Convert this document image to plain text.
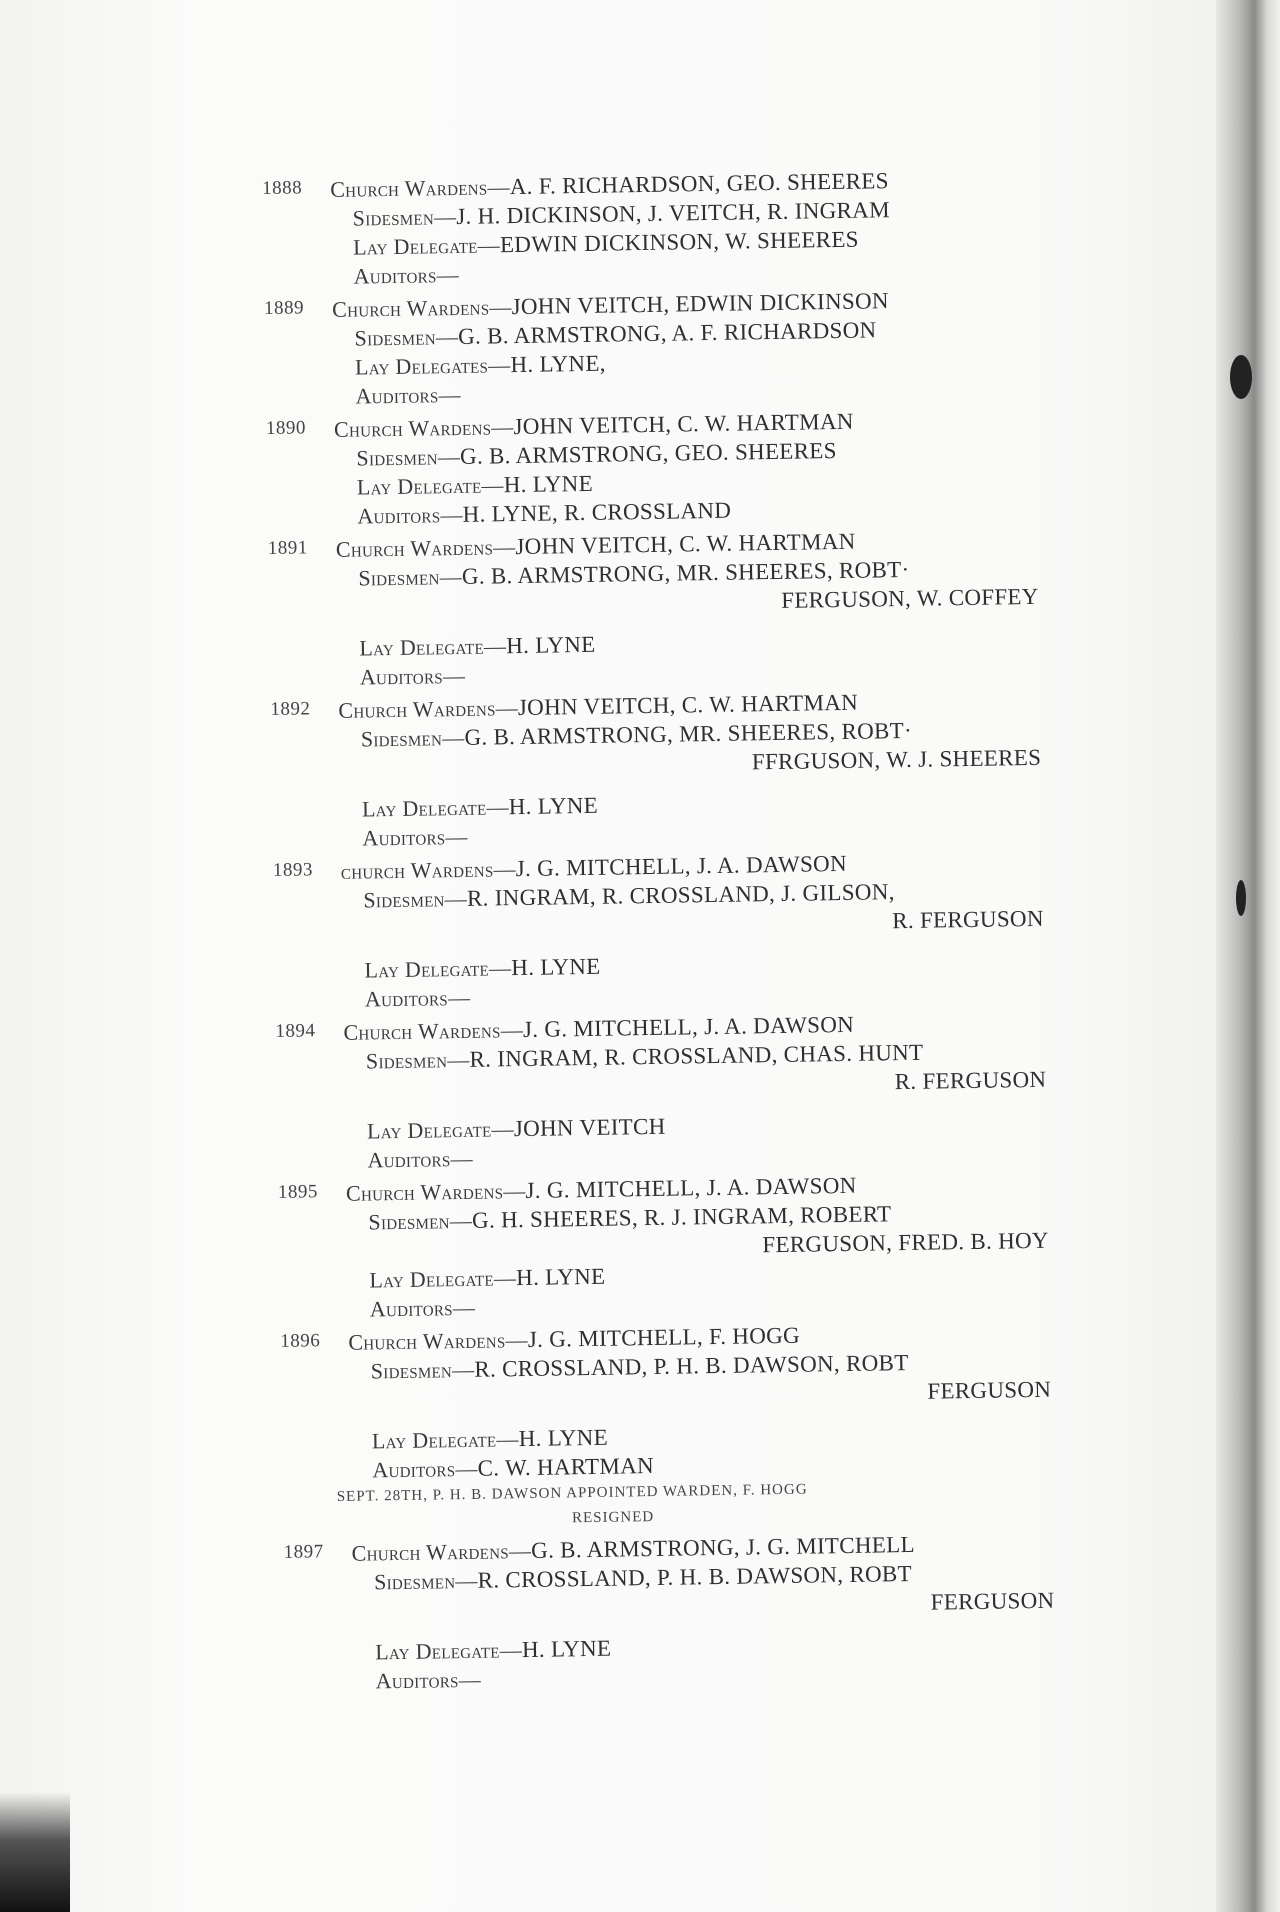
1888	Church Wardens—A. F. RICHARDSON, GEO. SHEERES
Sidesmen—J. H. DICKINSON, J. VEITCH, R. INGRAM
Lay Delegate—EDWIN DICKINSON, W. SHEERES
Auditors—
1889	Church Wardens—JOHN VEITCH, EDWIN DICKINSON
Sidesmen—G. B. ARMSTRONG, A. F. RICHARDSON
Lay Delegates—H. LYNE,
Auditors—
1890	Church Wardens—JOHN VEITCH, C. W. HARTMAN
Sidesmen—G. B. ARMSTRONG, GEO. SHEERES
Lay Delegate—H. LYNE
Auditors—H. LYNE, R. CROSSLAND
1891	Church Wardens—JOHN VEITCH, C. W. HARTMAN
Sidesmen—G. B. ARMSTRONG, MR. SHEERES, ROBT·
FERGUSON, W. COFFEY
Lay Delegate—H. LYNE
Auditors—
1892	Church Wardens—JOHN VEITCH, C. W. HARTMAN
Sidesmen—G. B. ARMSTRONG, MR. SHEERES, ROBT·
FFRGUSON, W. J. SHEERES
Lay Delegate—H. LYNE
Auditors—
1893	church Wardens—J. G. MITCHELL, J. A. DAWSON
Sidesmen—R. INGRAM, R. CROSSLAND, J. GILSON,
R. FERGUSON
Lay Delegate—H. LYNE
Auditors—
1894	Church Wardens—J. G. MITCHELL, J. A. DAWSON
Sidesmen—R. INGRAM, R. CROSSLAND, CHAS. HUNT
R. FERGUSON
Lay Delegate—JOHN VEITCH
Auditors—
1895	Church Wardens—J. G. MITCHELL, J. A. DAWSON
Sidesmen—G. H. SHEERES, R. J. INGRAM, ROBERT
FERGUSON, FRED. B. HOY
Lay Delegate—H. LYNE
Auditors—
1896	Church Wardens—J. G. MITCHELL, F. HOGG
Sidesmen—R. CROSSLAND, P. H. B. DAWSON, ROBT
FERGUSON
Lay Delegate—H. LYNE
Auditors—C. W. HARTMAN
SEPT. 28TH, P. H. B. DAWSON APPOINTED WARDEN, F. HOGG
RESIGNED
1897	Church Wardens—G. B. ARMSTRONG, J. G. MITCHELL
Sidesmen—R. CROSSLAND, P. H. B. DAWSON, ROBT
FERGUSON
Lay Delegate—H. LYNE
Auditors—
